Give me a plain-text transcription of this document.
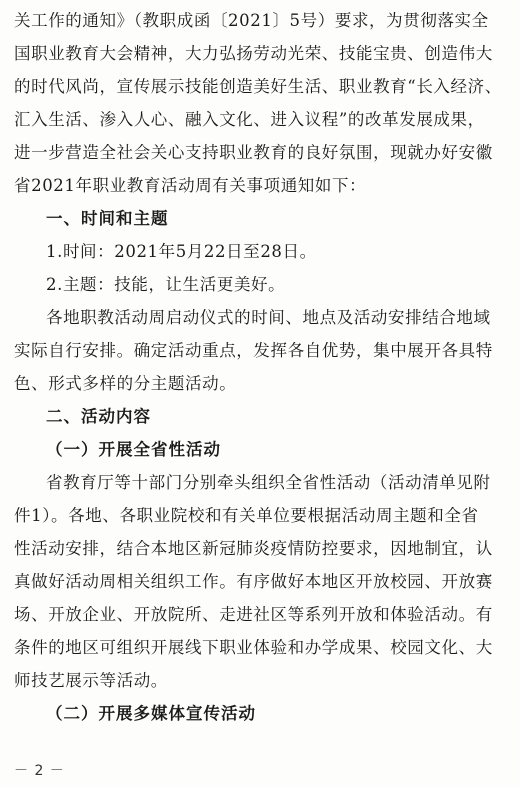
关工作的通知》（教职成函〔2021〕5号）要求，为贯彻落实全
国职业教育大会精神，大力弘扬劳动光荣、技能宝贵、创造伟大
的时代风尚，宣传展示技能创造美好生活、职业教育“长入经济、
汇入生活、渗入人心、融入文化、进入议程”的改革发展成果，
进一步营造全社会关心支持职业教育的良好氛围，现就办好安徽
省2021年职业教育活动周有关事项通知如下：
一、时间和主题
1.时间：2021年5月22日至28日。
2.主题：技能，让生活更美好。
各地职教活动周启动仪式的时间、地点及活动安排结合地域
实际自行安排。确定活动重点，发挥各自优势，集中展开各具特
色、形式多样的分主题活动。
二、活动内容
（一）开展全省性活动
省教育厅等十部门分别牵头组织全省性活动（活动清单见附
件1）。各地、各职业院校和有关单位要根据活动周主题和全省
性活动安排，结合本地区新冠肺炎疫情防控要求，因地制宜，认
真做好活动周相关组织工作。有序做好本地区开放校园、开放赛
场、开放企业、开放院所、走进社区等系列开放和体验活动。有
条件的地区可组织开展线下职业体验和办学成果、校园文化、大
师技艺展示等活动。
（二）开展多媒体宣传活动
－ 2 －
